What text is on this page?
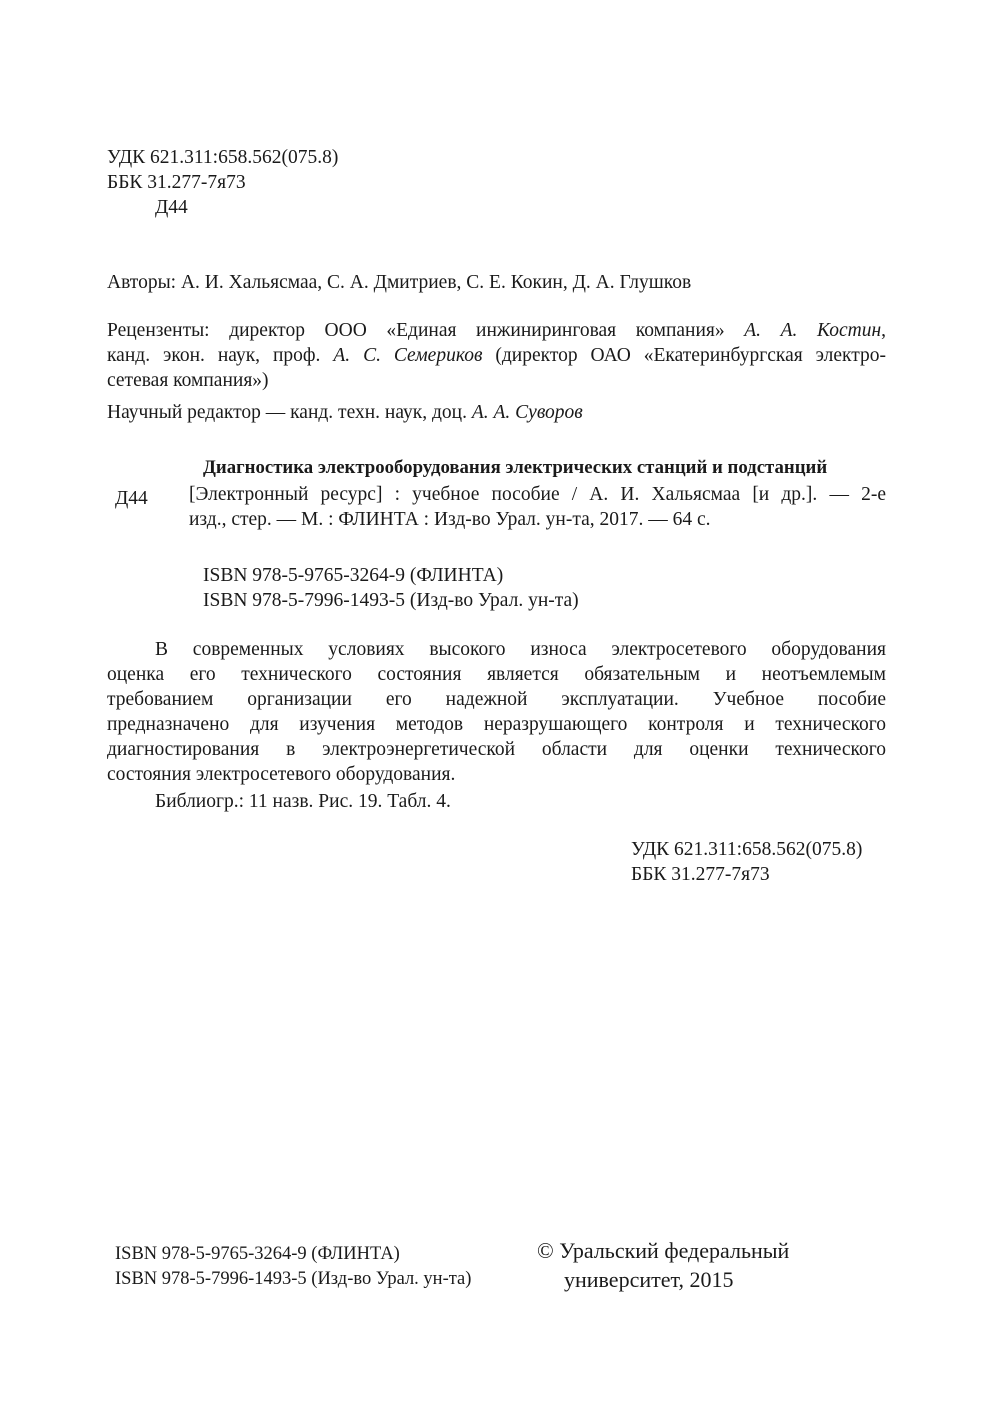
УДК 621.311:658.562(075.8)
ББК 31.277-7я73
Д44
Авторы: А. И. Хальясмаа, С. А. Дмитриев, С. Е. Кокин, Д. А. Глушков
Рецензенты: директор ООО «Единая инжиниринговая компания» А. А. Костин,
канд. экон. наук, проф. А. С. Семериков (директор ОАО «Екатеринбургская электро-
сетевая компания»)
Научный редактор — канд. техн. наук, доц. А. А. Суворов
Диагностика электрооборудования электрических станций и подстанций
Д44 [Электронный ресурс] : учебное пособие / А. И. Хальясмаа [и др.]. — 2-е
изд., стер. — М. : ФЛИНТА : Изд-во Урал. ун-та, 2017. — 64 с.
ISBN 978-5-9765-3264-9 (ФЛИНТА)
ISBN 978-5-7996-1493-5 (Изд-во Урал. ун-та)
В современных условиях высокого износа электросетевого оборудования
оценка его технического состояния является обязательным и неотъемлемым
требованием организации его надежной эксплуатации. Учебное пособие
предназначено для изучения методов неразрушающего контроля и технического
диагностирования в электроэнергетической области для оценки технического
состояния электросетевого оборудования.
Библиогр.: 11 назв. Рис. 19. Табл. 4.
УДК 621.311:658.562(075.8)
ББК 31.277-7я73
ISBN 978-5-9765-3264-9 (ФЛИНТА)
ISBN 978-5-7996-1493-5 (Изд-во Урал. ун-та)
© Уральский федеральный
университет, 2015
